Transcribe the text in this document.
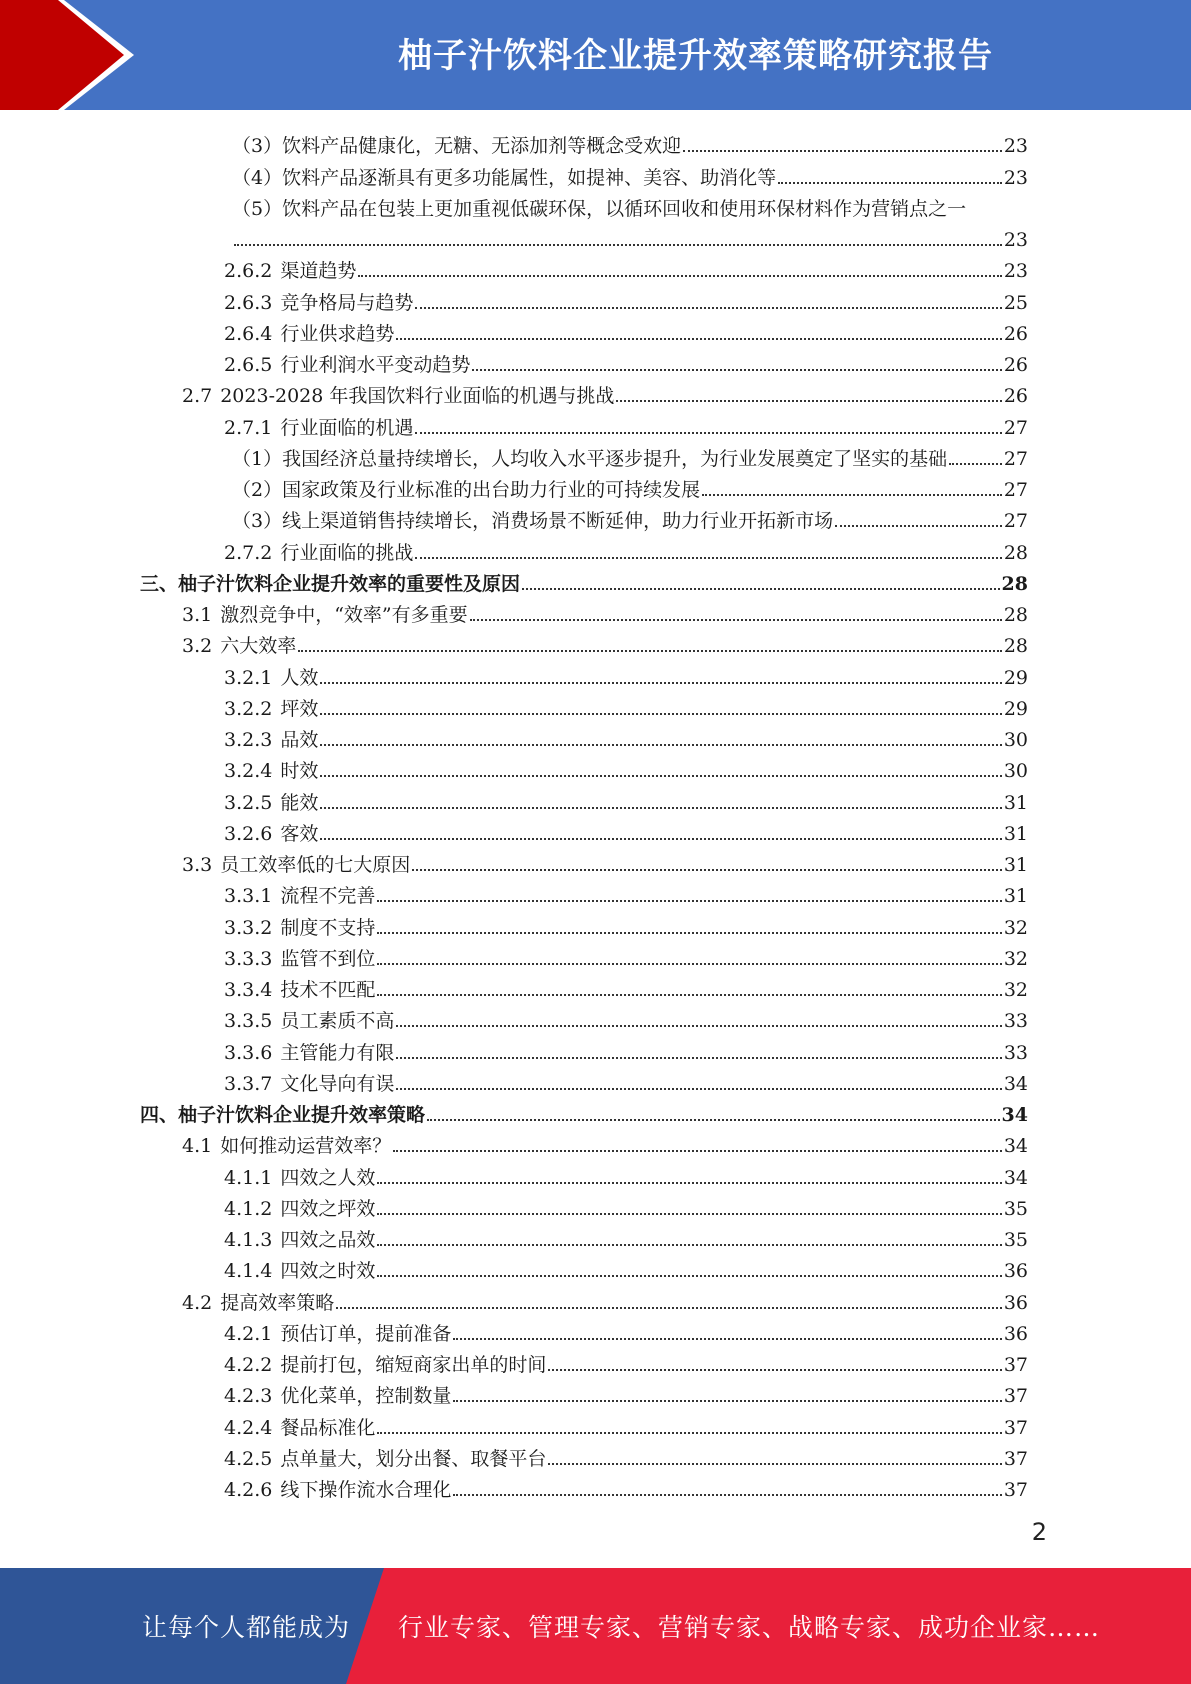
柚子汁饮料企业提升效率策略研究报告
（3）饮料产品健康化，无糖、无添加剂等概念受欢迎	23
（4）饮料产品逐渐具有更多功能属性，如提神、美容、助消化等	23
（5）饮料产品在包装上更加重视低碳环保，以循环回收和使用环保材料作为营销点之一
23
2.6.2 渠道趋势	23
2.6.3 竞争格局与趋势	25
2.6.4 行业供求趋势	26
2.6.5 行业利润水平变动趋势	26
2.7 2023-2028 年我国饮料行业面临的机遇与挑战	26
2.7.1 行业面临的机遇	27
（1）我国经济总量持续增长，人均收入水平逐步提升，为行业发展奠定了坚实的基础	27
（2）国家政策及行业标准的出台助力行业的可持续发展	27
（3）线上渠道销售持续增长，消费场景不断延伸，助力行业开拓新市场	27
2.7.2 行业面临的挑战	28
三、柚子汁饮料企业提升效率的重要性及原因	28
3.1 激烈竞争中，“效率”有多重要	28
3.2 六大效率	28
3.2.1 人效	29
3.2.2 坪效	29
3.2.3 品效	30
3.2.4 时效	30
3.2.5 能效	31
3.2.6 客效	31
3.3 员工效率低的七大原因	31
3.3.1 流程不完善	31
3.3.2 制度不支持	32
3.3.3 监管不到位	32
3.3.4 技术不匹配	32
3.3.5 员工素质不高	33
3.3.6 主管能力有限	33
3.3.7 文化导向有误	34
四、柚子汁饮料企业提升效率策略	34
4.1 如何推动运营效率？	34
4.1.1 四效之人效	34
4.1.2 四效之坪效	35
4.1.3 四效之品效	35
4.1.4 四效之时效	36
4.2 提高效率策略	36
4.2.1 预估订单，提前准备	36
4.2.2 提前打包，缩短商家出单的时间	37
4.2.3 优化菜单，控制数量	37
4.2.4 餐品标准化	37
4.2.5 点单量大，划分出餐、取餐平台	37
4.2.6 线下操作流水合理化	37
2
让每个人都能成为 行业专家、管理专家、营销专家、战略专家、成功企业家……
